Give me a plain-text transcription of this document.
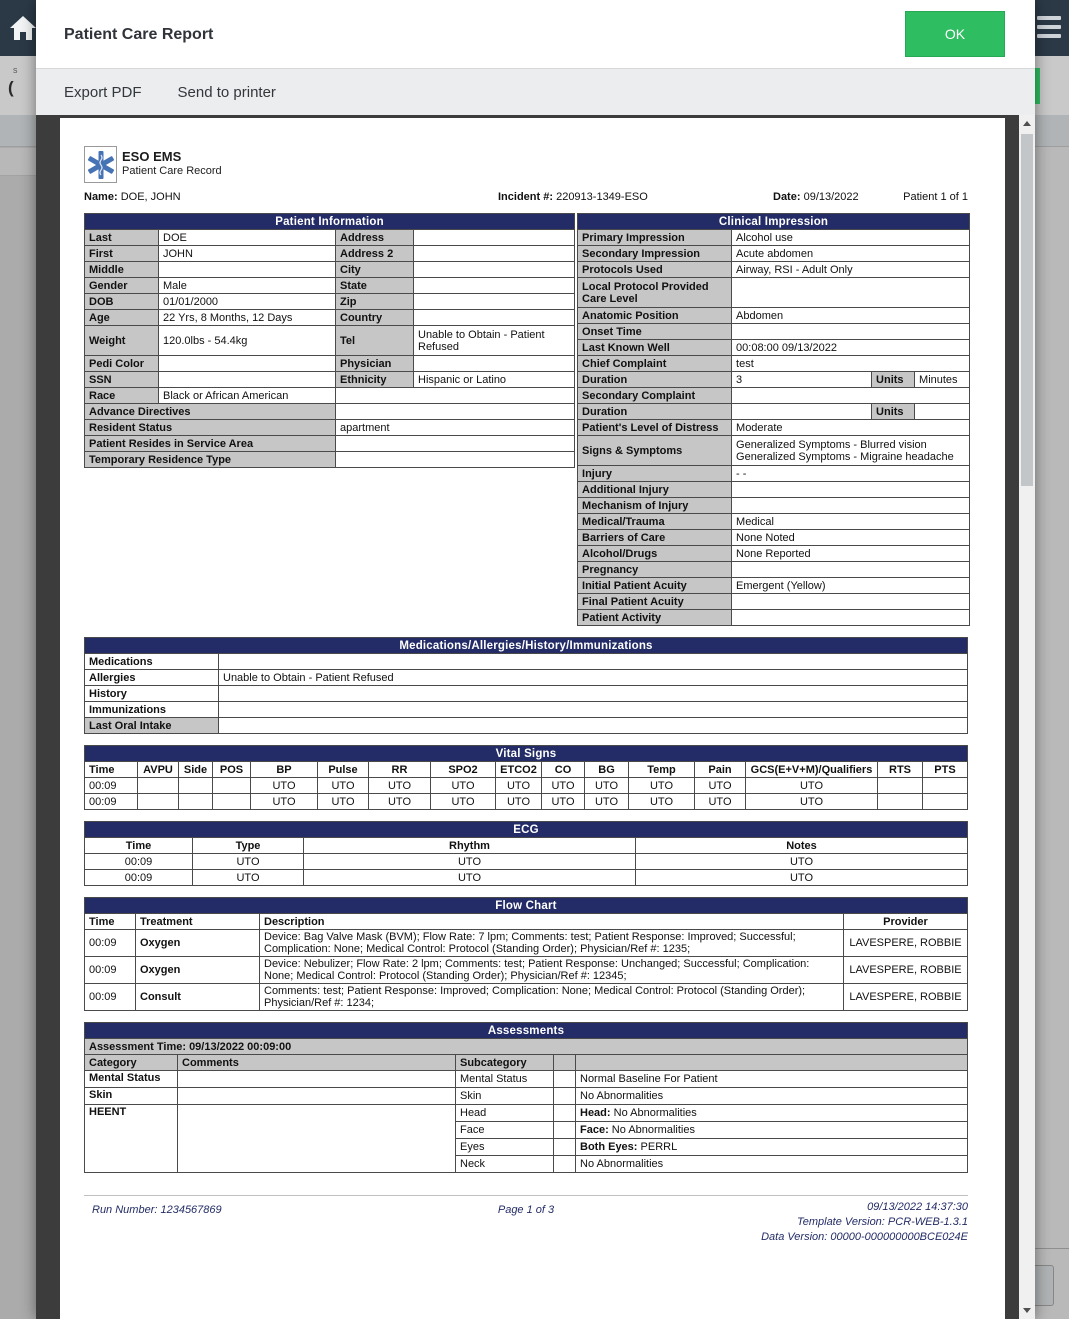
s
(
Patient Care Report	OK
Export PDF Send to printer
ESO EMS
Patient Care Record
Name: DOE, JOHN	Incident #: 220913-1349-ESO	Date: 09/13/2022	Patient 1 of 1
Patient Information			
Last	DOE	Address	
First	JOHN	Address 2	
Middle		City	
Gender	Male	State	
DOB	01/01/2000	Zip	
Age	22 Yrs, 8 Months, 12 Days	Country	
Weight	120.0lbs - 54.4kg	Tel	Unable to Obtain - Patient Refused
Pedi Color		Physician	
SSN		Ethnicity	Hispanic or Latino
Race	Black or African American		
Advance Directives			
Resident Status		apartment	
Patient Resides in Service Area			
Temporary Residence Type			
Clinical Impression			
Primary Impression	Alcohol use		
Secondary Impression	Acute abdomen		
Protocols Used	Airway, RSI - Adult Only		
Local Protocol Provided Care Level			
Anatomic Position	Abdomen		
Onset Time			
Last Known Well	00:08:00 09/13/2022		
Chief Complaint	test		
Duration	3	Units	Minutes
Secondary Complaint			
Duration		Units	
Patient's Level of Distress	Moderate		
Signs & Symptoms	Generalized Symptoms - Blurred vision
Generalized Symptoms - Migraine headache		

Injury	- -		
Additional Injury			
Mechanism of Injury			
Medical/Trauma	Medical		
Barriers of Care	None Noted		
Alcohol/Drugs	None Reported		
Pregnancy			
Initial Patient Acuity	Emergent (Yellow)		
Final Patient Acuity			
Patient Activity			
Medications/Allergies/History/Immunizations	
Medications	
Allergies	Unable to Obtain - Patient Refused
History	
Immunizations	
Last Oral Intake	
Vital Signs															
Time	AVPU	Side	POS	BP	Pulse	RR	SPO2	ETCO2	CO	BG	Temp	Pain	GCS(E+V+M)/Qualifiers	RTS	PTS
00:09				UTO	UTO	UTO	UTO	UTO	UTO	UTO	UTO	UTO	UTO		
00:09				UTO	UTO	UTO	UTO	UTO	UTO	UTO	UTO	UTO	UTO		
ECG			
Time	Type	Rhythm	Notes
00:09	UTO	UTO	UTO
00:09	UTO	UTO	UTO
Flow Chart			
Time	Treatment	Description	Provider
00:09	Oxygen	Device: Bag Valve Mask (BVM); Flow Rate: 7 lpm; Comments: test; Patient Response: Improved; Successful; Complication: None; Medical Control: Protocol (Standing Order); Physician/Ref #: 1235;	LAVESPERE, ROBBIE
00:09	Oxygen	Device: Nebulizer; Flow Rate: 2 lpm; Comments: test; Patient Response: Unchanged; Successful; Complication: None; Medical Control: Protocol (Standing Order); Physician/Ref #: 12345;	LAVESPERE, ROBBIE
00:09	Consult	Comments: test; Patient Response: Improved; Complication: None; Medical Control: Protocol (Standing Order); Physician/Ref #: 1234;	LAVESPERE, ROBBIE
Assessments				
Assessment Time: 09/13/2022 00:09:00				
Category	Comments	Subcategory		
Mental Status		Mental Status		Normal Baseline For Patient
Skin		Skin		No Abnormalities
HEENT		Head		Head: No Abnormalities
		Face		Face: No Abnormalities
		Eyes		Both Eyes: PERRL
		Neck		No Abnormalities
Run Number: 1234567869	Page 1 of 3	09/13/2022 14:37:30
Template Version: PCR-WEB-1.3.1
Data Version: 00000-000000000BCE024E
